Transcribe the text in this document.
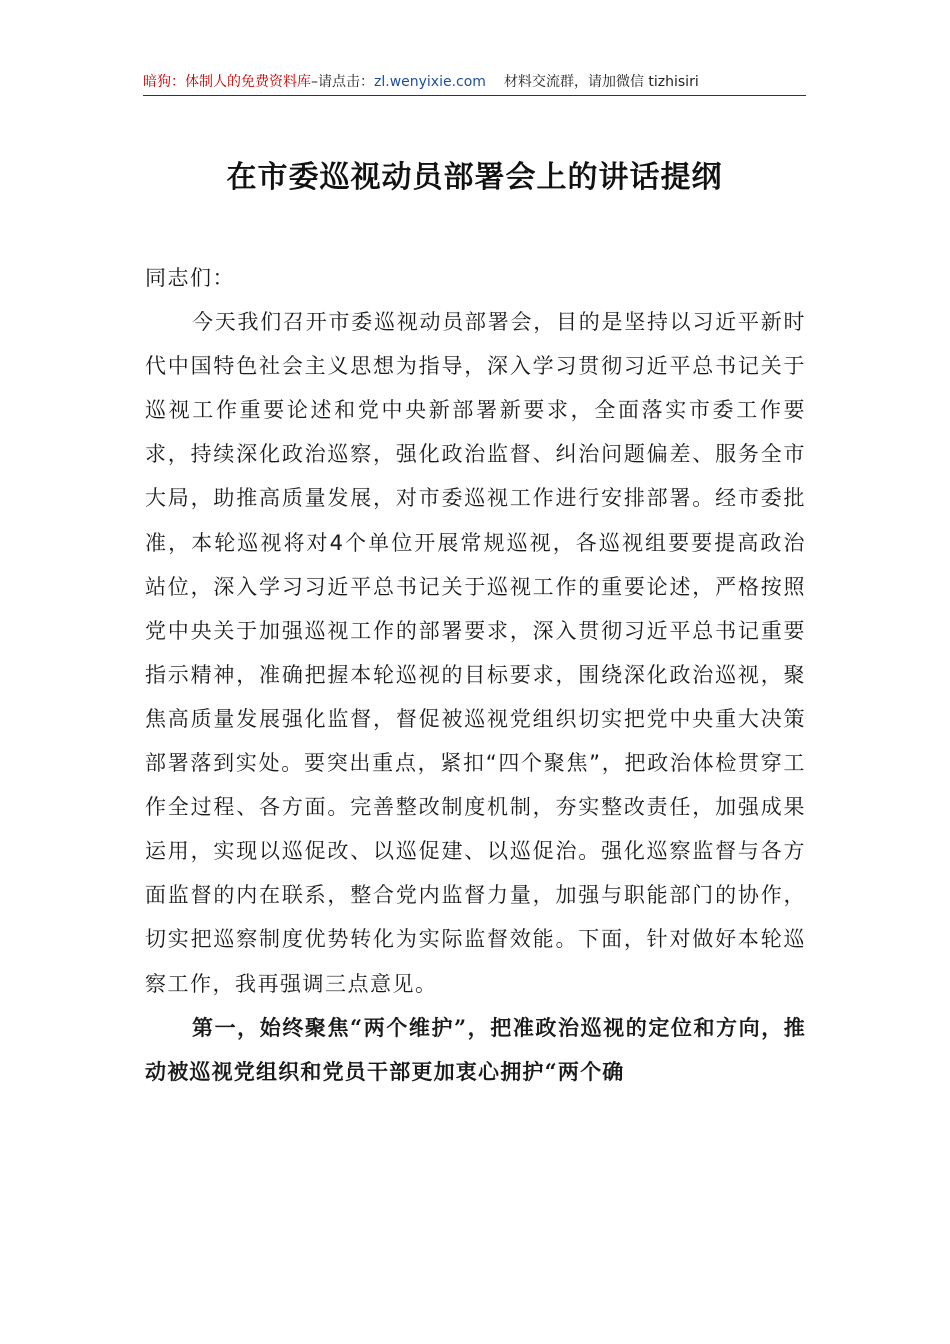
暗狗：体制人的免费资料库–请点击：zl.wenyixie.com 材料交流群，请加微信 tizhisiri
在市委巡视动员部署会上的讲话提纲

同志们：

今天我们召开市委巡视动员部署会，目的是坚持以习近平新时代中国特色社会主义思想为指导，深入学习贯彻习近平总书记关于巡视工作重要论述和党中央新部署新要求，全面落实市委工作要求，持续深化政治巡察，强化政治监督、纠治问题偏差、服务全市大局，助推高质量发展，对市委巡视工作进行安排部署。经市委批准，本轮巡视将对4个单位开展常规巡视，各巡视组要要提高政治站位，深入学习习近平总书记关于巡视工作的重要论述，严格按照党中央关于加强巡视工作的部署要求，深入贯彻习近平总书记重要指示精神，准确把握本轮巡视的目标要求，围绕深化政治巡视，聚焦高质量发展强化监督，督促被巡视党组织切实把党中央重大决策部署落到实处。要突出重点，紧扣“四个聚焦”，把政治体检贯穿工作全过程、各方面。完善整改制度机制，夯实整改责任，加强成果运用，实现以巡促改、以巡促建、以巡促治。强化巡察监督与各方面监督的内在联系，整合党内监督力量，加强与职能部门的协作，切实把巡察制度优势转化为实际监督效能。下面，针对做好本轮巡察工作，我再强调三点意见。

第一，始终聚焦“两个维护”，把准政治巡视的定位和方向，推动被巡视党组织和党员干部更加衷心拥护“两个确
